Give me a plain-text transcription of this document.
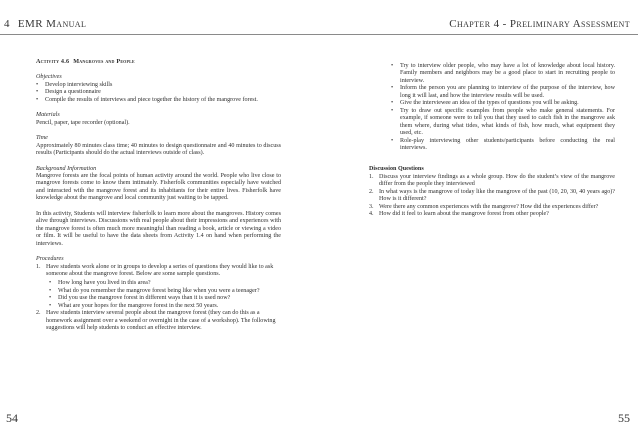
4 EMR Manual
Activity 4.6 Mangroves and People
Objectives
• Develop interviewing skills
• Design a questionnaire
• Compile the results of interviews and piece together the history of the mangrove forest.
Materials

Pencil, paper, tape recorder (optional).

Time

Approximately 80 minutes class time; 40 minutes to design questionnaire and 40 minutes to discuss results (Participants should do the actual interviews outside of class).

Background Information

Mangrove forests are the focal points of human activity around the world. People who live close to mangrove forests come to know them intimately. Fisherfolk communities especially have watched and interacted with the mangrove forest and its inhabitants for their entire lives. Fisherfolk have knowledge about the mangrove and local community just waiting to be tapped.

In this activity, Students will interview fisherfolk to learn more about the mangroves. History comes alive through interviews. Discussions with real people about their impressions and experiences with the mangrove forest is often much more meaningful than reading a book, article or viewing a video or film. It will be useful to have the data sheets from Activity 1.4 on hand when performing the interviews.

Procedures
1. Have students work alone or in groups to develop a series of questions they would like to ask someone about the mangrove forest. Below are some sample questions.
• How long have you lived in this area?
• What do you remember the mangrove forest being like when you were a teenager?
• Did you use the mangrove forest in different ways than it is used now?
• What are your hopes for the mangrove forest in the next 50 years.
2. Have students interview several people about the mangrove forest (they can do this as a homework assignment over a weekend or overnight in the case of a workshop). The following suggestions will help students to conduct an effective interview.
54
Chapter 4 - Preliminary Assessment
• Try to interview older people, who may have a lot of knowledge about local history. Family members and neighbors may be a good place to start in recruiting people to interview.
• Inform the person you are planning to interview of the purpose of the interview, how long it will last, and how the interview results will be used.
• Give the interviewee an idea of the types of questions you will be asking.
• Try to draw out specific examples from people who make general statements. For example, if someone were to tell you that they used to catch fish in the mangrove ask them where, during what tides, what kinds of fish, how much, what equipment they used, etc.
• Role-play interviewing other students/participants before conducting the real interviews.
Discussion Questions
1. Discuss your interview findings as a whole group. How do the student’s view of the mangrove differ from the people they interviewed
2. In what ways is the mangrove of today like the mangrove of the past (10, 20, 30, 40 years ago)? How is it different?
3. Were there any common experiences with the mangrove? How did the experiences differ?
4. How did it feel to learn about the mangrove forest from other people?
55
